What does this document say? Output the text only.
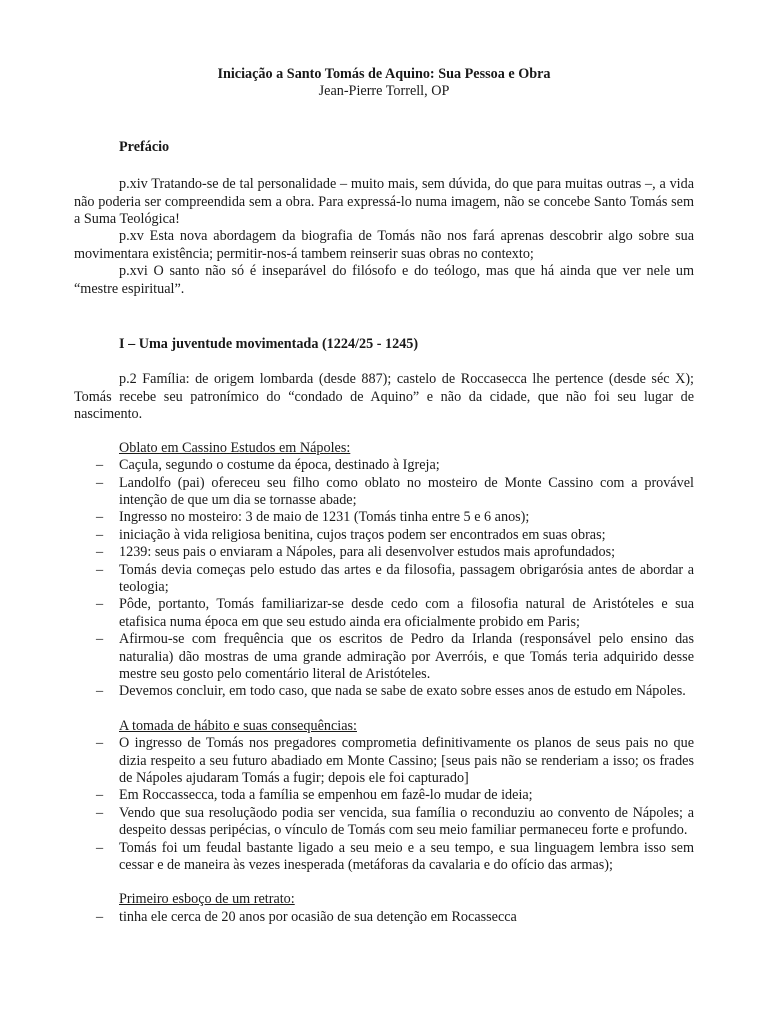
Iniciação a Santo Tomás de Aquino: Sua Pessoa e Obra

Jean-Pierre Torrell, OP

Prefácio

p.xiv Tratando-se de tal personalidade – muito mais, sem dúvida, do que para muitas outras –, a vida não poderia ser compreendida sem a obra. Para expressá-lo numa imagem, não se concebe Santo Tomás sem a Suma Teológica!

p.xv Esta nova abordagem da biografia de Tomás não nos fará aprenas descobrir algo sobre sua movimentara existência; permitir-nos-á tambem reinserir suas obras no contexto;

p.xvi O santo não só é inseparável do filósofo e do teólogo, mas que há ainda que ver nele um “mestre espiritual”.

I – Uma juventude movimentada (1224/25 - 1245)

p.2 Família: de origem lombarda (desde 887); castelo de Roccasecca lhe pertence (desde séc X); Tomás recebe seu patronímico do “condado de Aquino” e não da cidade, que não foi seu lugar de nascimento.

Oblato em Cassino Estudos em Nápoles:

– Caçula, segundo o costume da época, destinado à Igreja;
– Landolfo (pai) ofereceu seu filho como oblato no mosteiro de Monte Cassino com a provável intenção de que um dia se tornasse abade;
– Ingresso no mosteiro: 3 de maio de 1231 (Tomás tinha entre 5 e 6 anos);
– iniciação à vida religiosa benitina, cujos traços podem ser encontrados em suas obras;
– 1239: seus pais o enviaram a Nápoles, para ali desenvolver estudos mais aprofundados;
– Tomás devia começas pelo estudo das artes e da filosofia, passagem obrigarósia antes de abordar a teologia;
– Pôde, portanto, Tomás familiarizar-se desde cedo com a filosofia natural de Aristóteles e sua etafisica numa época em que seu estudo ainda era oficialmente probido em Paris;
– Afirmou-se com frequência que os escritos de Pedro da Irlanda (responsável pelo ensino das naturalia) dão mostras de uma grande admiração por Averróis, e que Tomás teria adquirido desse mestre seu gosto pelo comentário literal de Aristóteles.
– Devemos concluir, em todo caso, que nada se sabe de exato sobre esses anos de estudo em Nápoles.

A tomada de hábito e suas consequências:

– O ingresso de Tomás nos pregadores comprometia definitivamente os planos de seus pais no que dizia respeito a seu futuro abadiado em Monte Cassino; [seus pais não se renderiam a isso; os frades de Nápoles ajudaram Tomás a fugir; depois ele foi capturado]
– Em Roccassecca, toda a família se empenhou em fazê-lo mudar de ideia;
– Vendo que sua resoluçãodo podia ser vencida, sua família o reconduziu ao convento de Nápoles; a despeito dessas peripécias, o vínculo de Tomás com seu meio familiar permaneceu forte e profundo.
– Tomás foi um feudal bastante ligado a seu meio e a seu tempo, e sua linguagem lembra isso sem cessar e de maneira às vezes inesperada (metáforas da cavalaria e do ofício das armas);

Primeiro esboço de um retrato:

– tinha ele cerca de 20 anos por ocasião de sua detenção em Rocassecca
